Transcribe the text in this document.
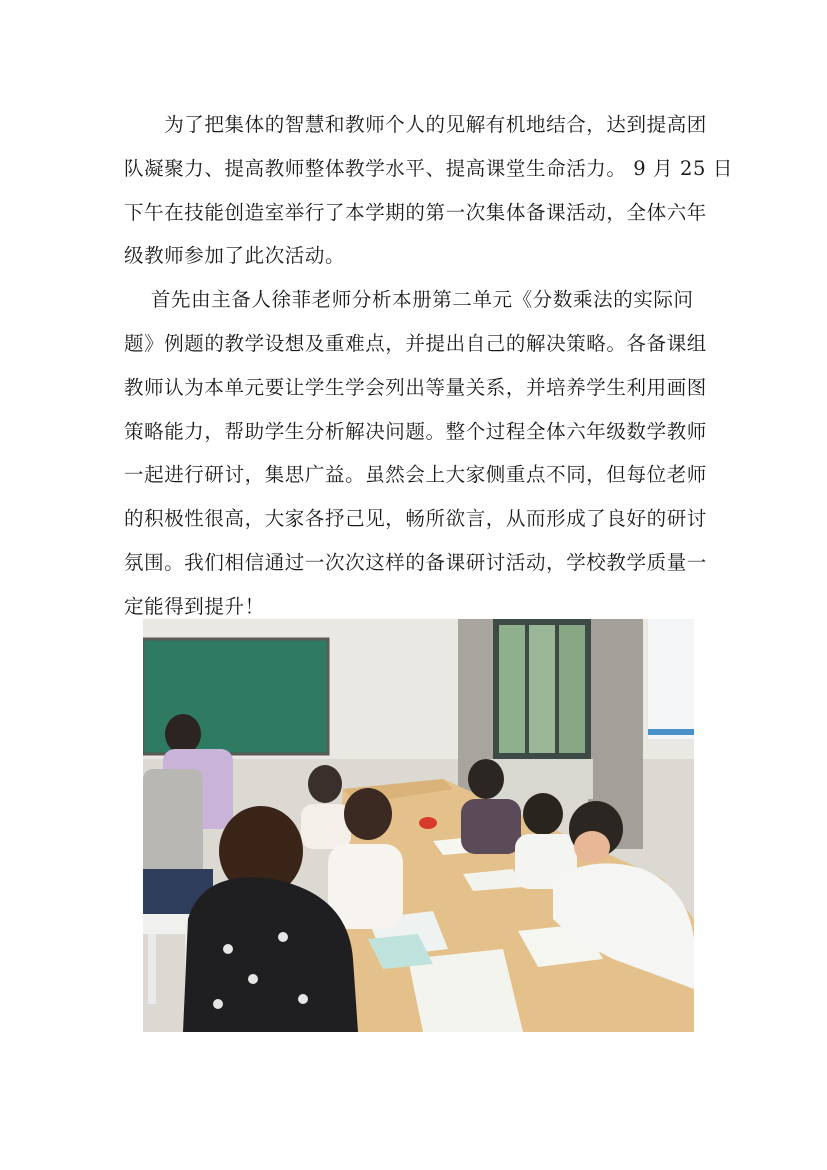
　　为了把集体的智慧和教师个人的见解有机地结合，达到提高团

队凝聚力、提高教师整体教学水平、提高课堂生命活力。 9 月 25 日

下午在技能创造室举行了本学期的第一次集体备课活动，全体六年

级教师参加了此次活动。

　 首先由主备人徐菲老师分析本册第二单元《分数乘法的实际问

题》例题的教学设想及重难点，并提出自己的解决策略。各备课组

教师认为本单元要让学生学会列出等量关系，并培养学生利用画图

策略能力，帮助学生分析解决问题。整个过程全体六年级数学教师

一起进行研讨，集思广益。虽然会上大家侧重点不同，但每位老师

的积极性很高，大家各抒己见，畅所欲言，从而形成了良好的研讨

氛围。我们相信通过一次次这样的备课研讨活动，学校教学质量一

定能得到提升！
